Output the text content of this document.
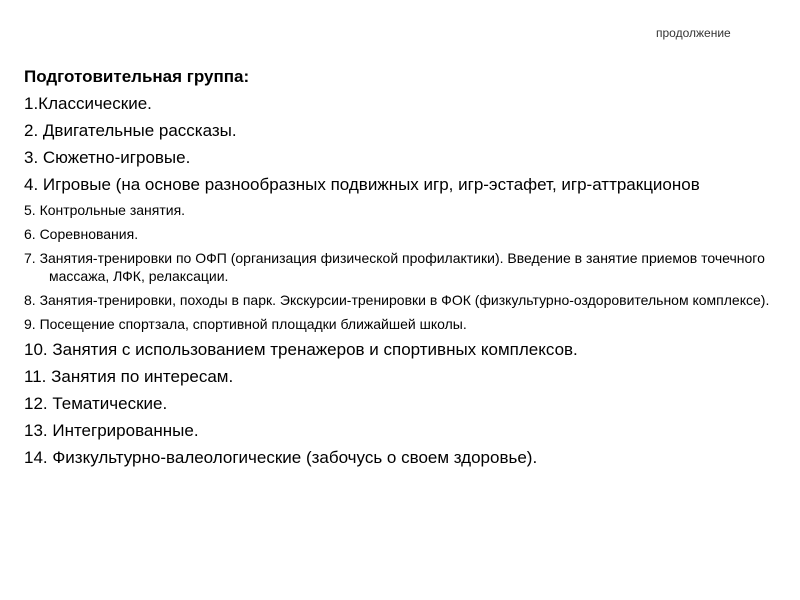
продолжение

Подготовительная группа:

1.Классические.

2. Двигательные рассказы.

3. Сюжетно-игровые.

4. Игровые (на основе разнообразных подвижных игр, игр-эстафет, игр-аттракционов

5. Контрольные занятия.

6. Соревнования.

7. Занятия-тренировки по ОФП (организация физической профилактики). Введение в занятие приемов точечного массажа, ЛФК, релаксации.

8. Занятия-тренировки, походы в парк. Экскурсии-тренировки в ФОК (физкультурно-оздоровительном комплексе).

9. Посещение спортзала, спортивной площадки ближайшей школы.

10. Занятия с использованием тренажеров и спортивных комплексов.

11. Занятия по интересам.

12. Тематические.

13. Интегрированные.

14. Физкультурно-валеологические (забочусь о своем здоровье).
